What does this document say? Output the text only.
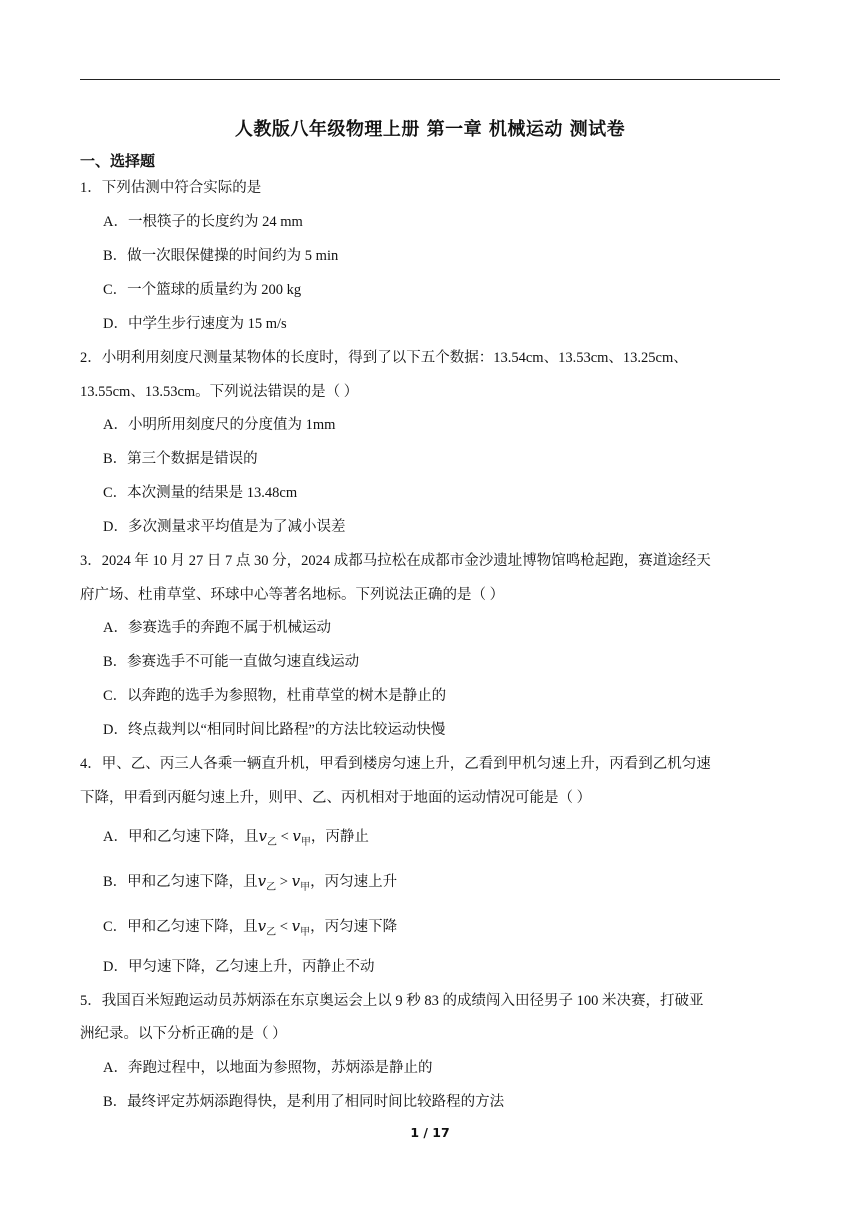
人教版八年级物理上册 第一章 机械运动 测试卷
一、选择题
1．下列估测中符合实际的是
A．一根筷子的长度约为 24 mm
B．做一次眼保健操的时间约为 5 min
C．一个篮球的质量约为 200 kg
D．中学生步行速度为 15 m/s
2．小明利用刻度尺测量某物体的长度时，得到了以下五个数据：13.54cm、13.53cm、13.25cm、
13.55cm、13.53cm。下列说法错误的是（ ）
A．小明所用刻度尺的分度值为 1mm
B．第三个数据是错误的
C．本次测量的结果是 13.48cm
D．多次测量求平均值是为了减小误差
3．2024 年 10 月 27 日 7 点 30 分，2024 成都马拉松在成都市金沙遗址博物馆鸣枪起跑，赛道途经天
府广场、杜甫草堂、环球中心等著名地标。下列说法正确的是（ ）
A．参赛选手的奔跑不属于机械运动
B．参赛选手不可能一直做匀速直线运动
C．以奔跑的选手为参照物，杜甫草堂的树木是静止的
D．终点裁判以“相同时间比路程”的方法比较运动快慢
4．甲、乙、丙三人各乘一辆直升机，甲看到楼房匀速上升，乙看到甲机匀速上升，丙看到乙机匀速
下降，甲看到丙艇匀速上升，则甲、乙、丙机相对于地面的运动情况可能是（ ）
A．甲和乙匀速下降，且$v_乙 < v_甲$，丙静止
B．甲和乙匀速下降，且$v_乙 > v_甲$，丙匀速上升
C．甲和乙匀速下降，且$v_乙 < v_甲$，丙匀速下降
D．甲匀速下降，乙匀速上升，丙静止不动
5．我国百米短跑运动员苏炳添在东京奥运会上以 9 秒 83 的成绩闯入田径男子 100 米决赛，打破亚
洲纪录。以下分析正确的是（ ）
A．奔跑过程中，以地面为参照物，苏炳添是静止的
B．最终评定苏炳添跑得快，是利用了相同时间比较路程的方法
1 / 17
